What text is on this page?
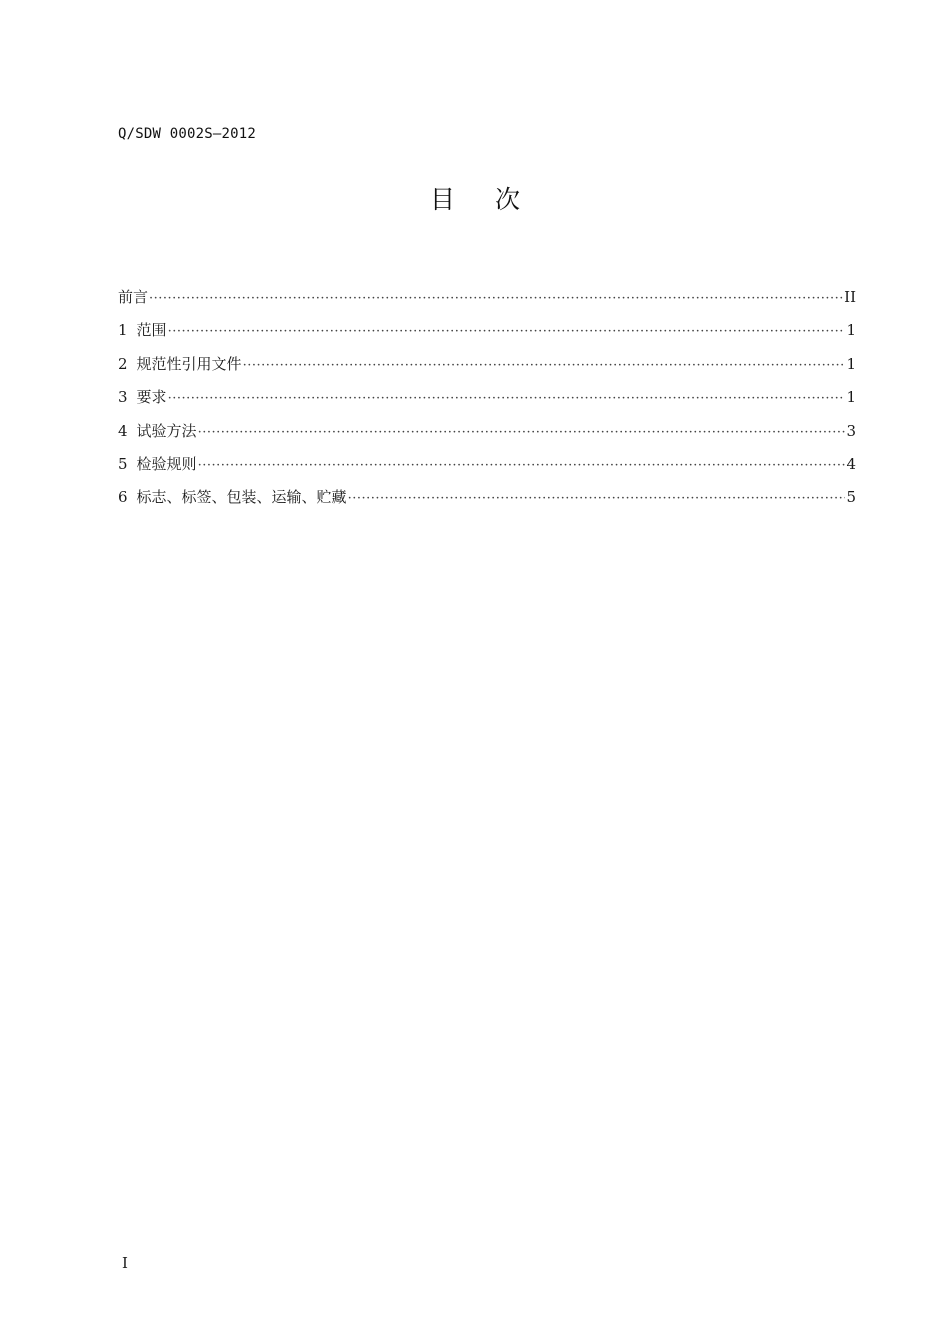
Q/SDW 0002S—2012
目次
前言 ·····	II
1 范围 ·····	1
2 规范性引用文件 ·····	1
3 要求 ·····	1
4 试验方法 ·····	3
5 检验规则 ·····	4
6 标志、标签、包装、运输、贮藏 ·····	5
I
